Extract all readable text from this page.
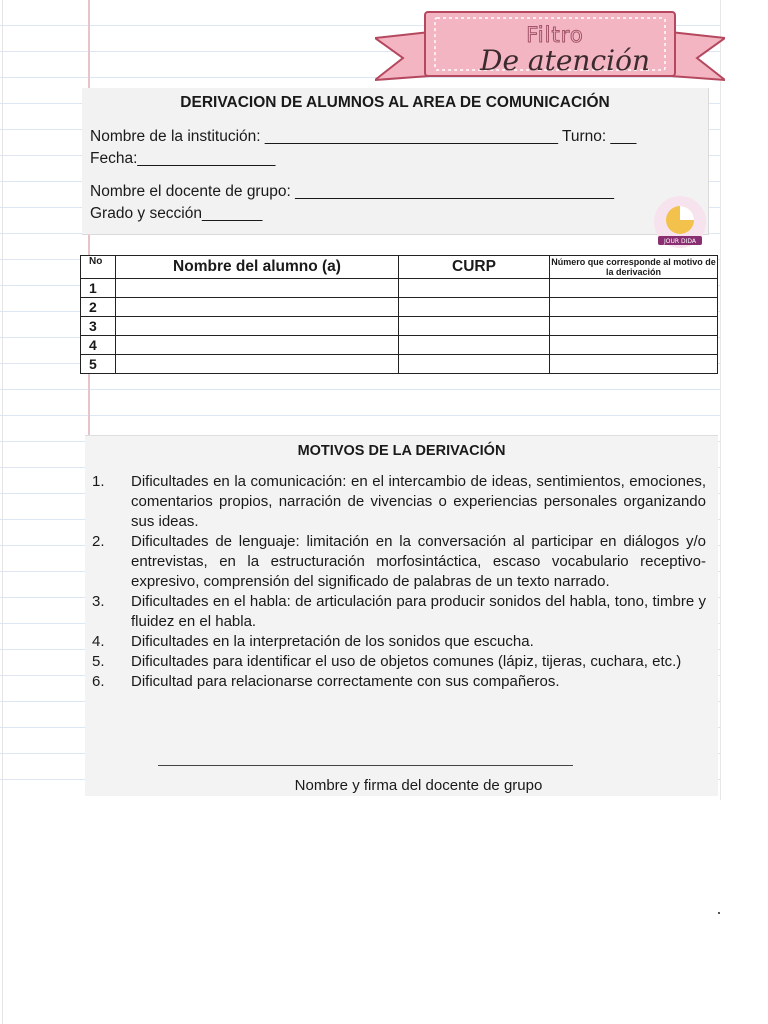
Filtro
De atención
DERIVACION DE ALUMNOS AL AREA DE COMUNICACIÓN
Nombre de la institución: __________________________________ Turno: ___
Fecha:________________
Nombre el docente de grupo: _____________________________________
Grado y sección_______
JOUR DIDA
No	Nombre del alumno (a)	CURP	Número que corresponde al motivo de la derivación
1			
2			
3			
4			
5			
MOTIVOS DE LA DERIVACIÓN
1. Dificultades en la comunicación: en el intercambio de ideas, sentimientos, emociones, comentarios propios, narración de vivencias o experiencias personales organizando sus ideas.
2. Dificultades de lenguaje: limitación en la conversación al participar en diálogos y/o entrevistas, en la estructuración morfosintáctica, escaso vocabulario receptivo-expresivo, comprensión del significado de palabras de un texto narrado.
3. Dificultades en el habla: de articulación para producir sonidos del habla, tono, timbre y fluidez en el habla.
4. Dificultades en la interpretación de los sonidos que escucha.
5. Dificultades para identificar el uso de objetos comunes (lápiz, tijeras, cuchara, etc.)
6. Dificultad para relacionarse correctamente con sus compañeros.
Nombre y firma del docente de grupo
